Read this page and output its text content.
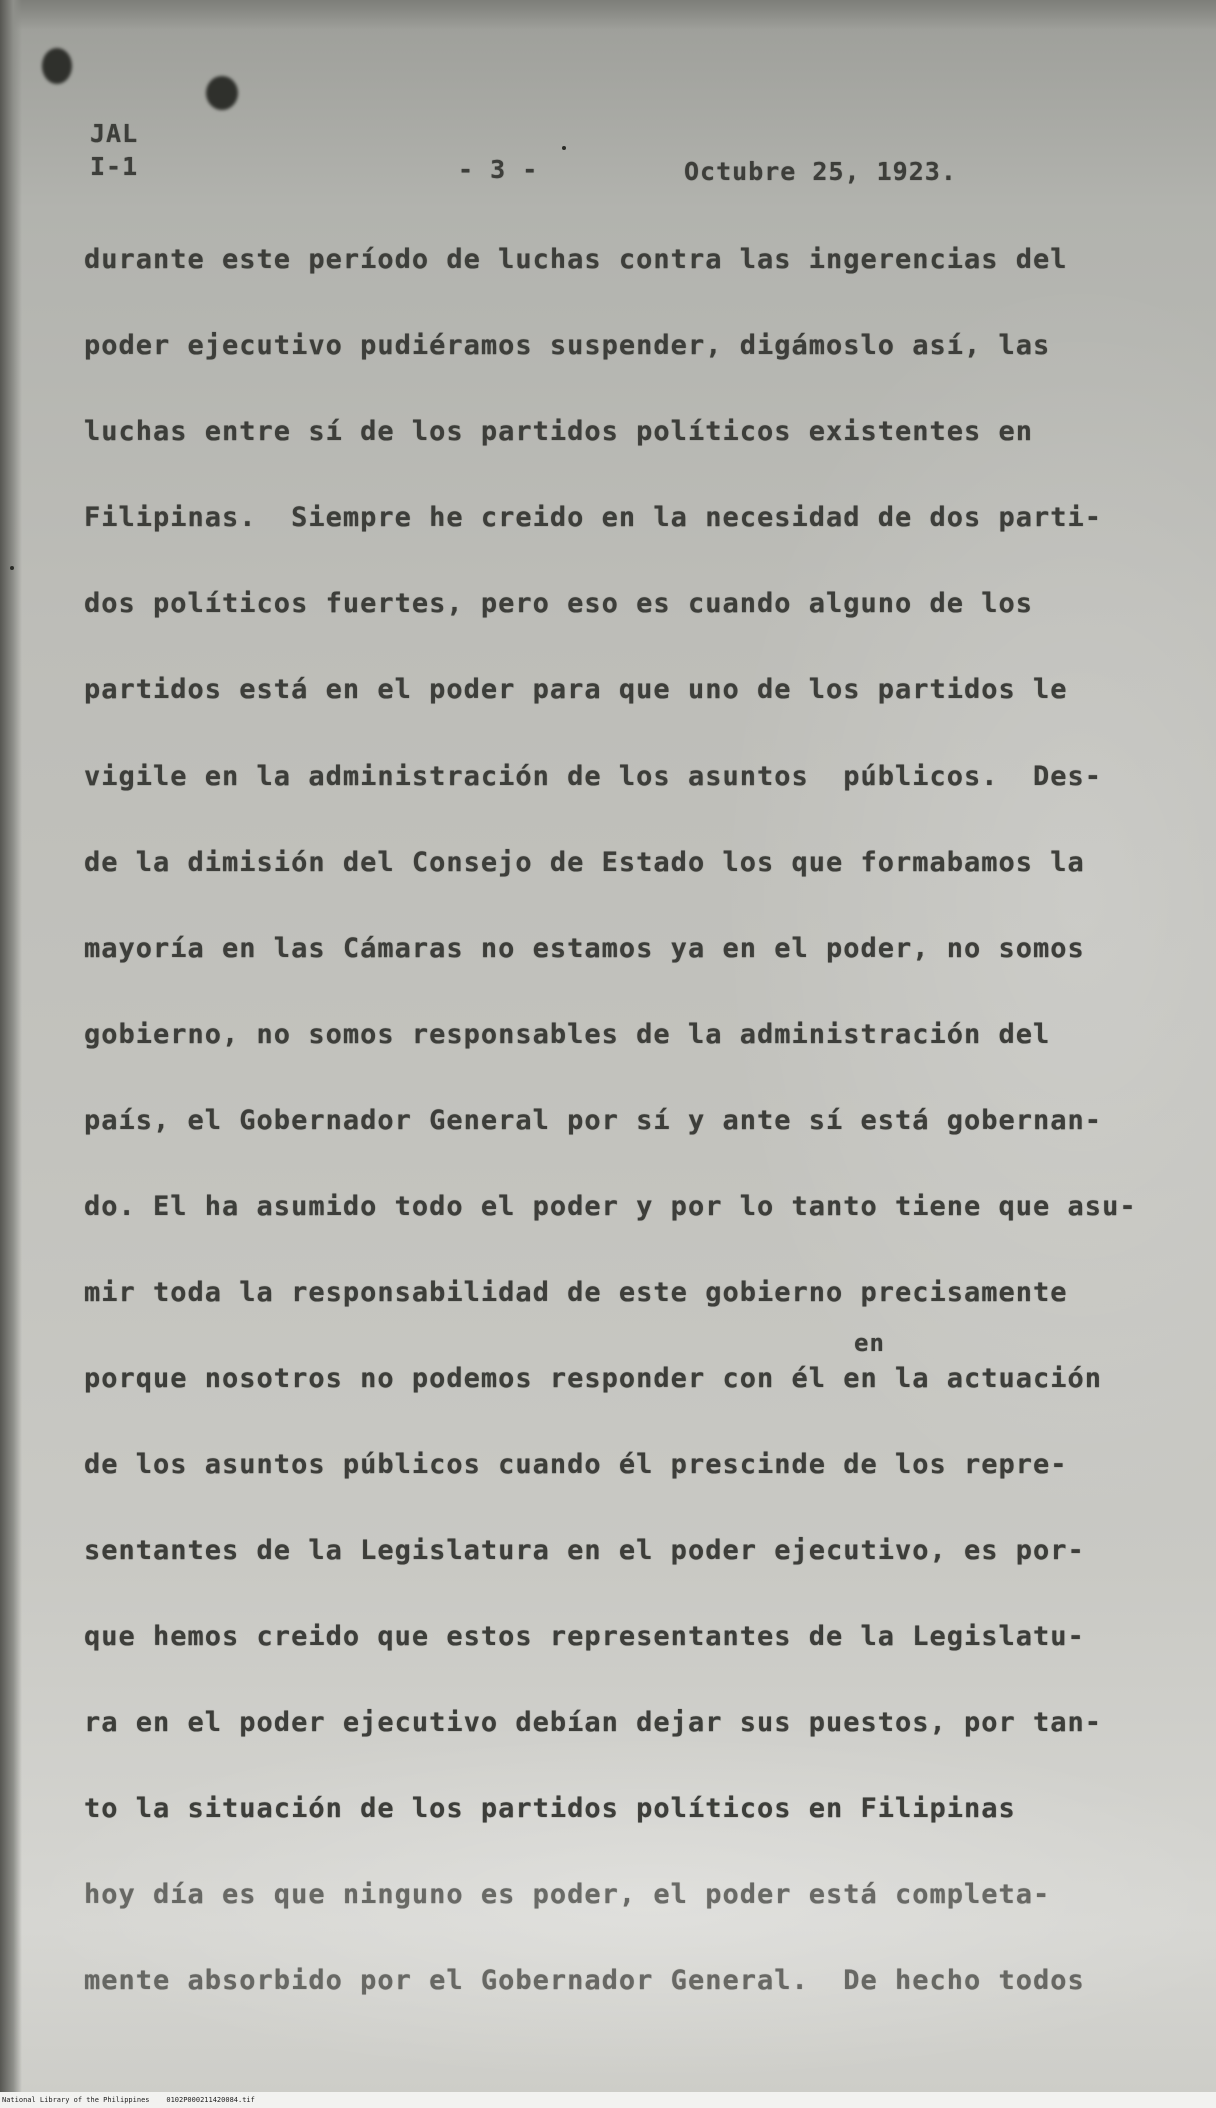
JAL
I-1	- 3 -	Octubre 25, 1923.
durante este período de luchas contra las ingerencias del
poder ejecutivo pudiéramos suspender, digámoslo así, las
luchas entre sí de los partidos políticos existentes en
Filipinas.  Siempre he creido en la necesidad de dos parti-
dos políticos fuertes, pero eso es cuando alguno de los
partidos está en el poder para que uno de los partidos le
vigile en la administración de los asuntos  públicos.  Des-
de la dimisión del Consejo de Estado los que formabamos la
mayoría en las Cámaras no estamos ya en el poder, no somos
gobierno, no somos responsables de la administración del
país, el Gobernador General por sí y ante sí está gobernan-
do. El ha asumido todo el poder y por lo tanto tiene que asu-
mir toda la responsabilidad de este gobierno precisamente
porque nosotros no podemos responder con él en la actuación
de los asuntos públicos cuando él prescinde de los repre-
sentantes de la Legislatura en el poder ejecutivo, es por-
que hemos creido que estos representantes de la Legislatu-
ra en el poder ejecutivo debían dejar sus puestos, por tan-
to la situación de los partidos políticos en Filipinas
hoy día es que ninguno es poder, el poder está completa-
mente absorbido por el Gobernador General.  De hecho todos
en
National Library of the Philippines    0102P000211420084.tif
